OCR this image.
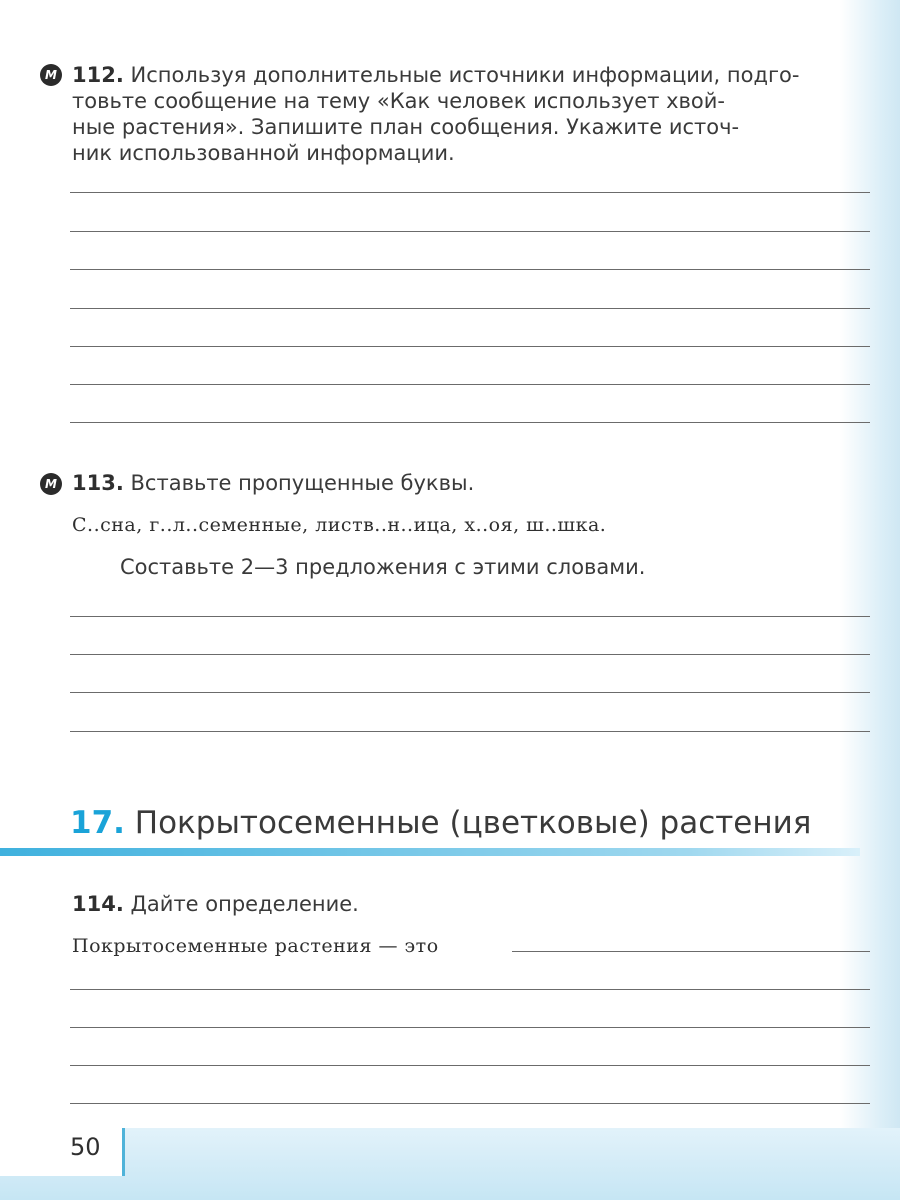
M 112. Используя дополнительные источники информации, подго-
товьте сообщение на тему «Как человек использует хвой-
ные растения». Запишите план сообщения. Укажите источ-
ник использованной информации.
M 113. Вставьте пропущенные буквы.
С..сна, г..л..семенные, листв..н..ица, х..оя, ш..шка.
Составьте 2—3 предложения с этими словами.
17. Покрытосеменные (цветковые) растения
114. Дайте определение.
Покрытосеменные растения — это
50
